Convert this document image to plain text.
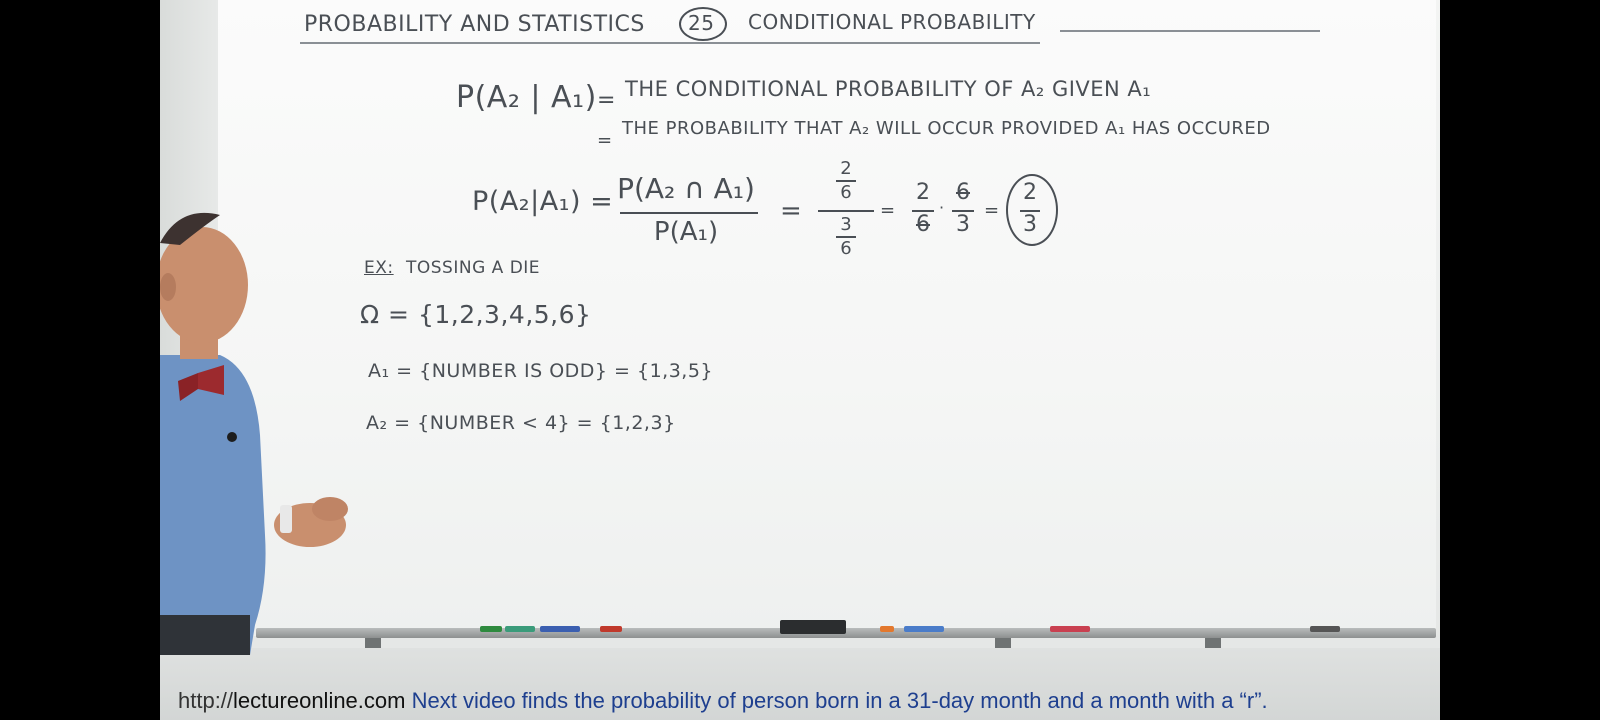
PROBABILITY AND STATISTICS 25 CONDITIONAL PROBABILITY
P(A₂ | A₁) = THE CONDITIONAL PROBABILITY OF A₂ GIVEN A₁
=
THE PROBABILITY THAT A₂ WILL OCCUR PROVIDED A₁ HAS OCCURED
P(A₂|A₁) = P(A₂ ∩ A₁)
P(A₁)
=
2
6
3
6
=
2
6
·
6
3
=
2
3
EX: TOSSING A DIE
Ω = {1,2,3,4,5,6}
A₁ = {NUMBER IS ODD} = {1,3,5}
A₂ = {NUMBER < 4} = {1,2,3}
http://lectureonline.com Next video finds the probability of person born in a 31-day month and a month with a “r”.
